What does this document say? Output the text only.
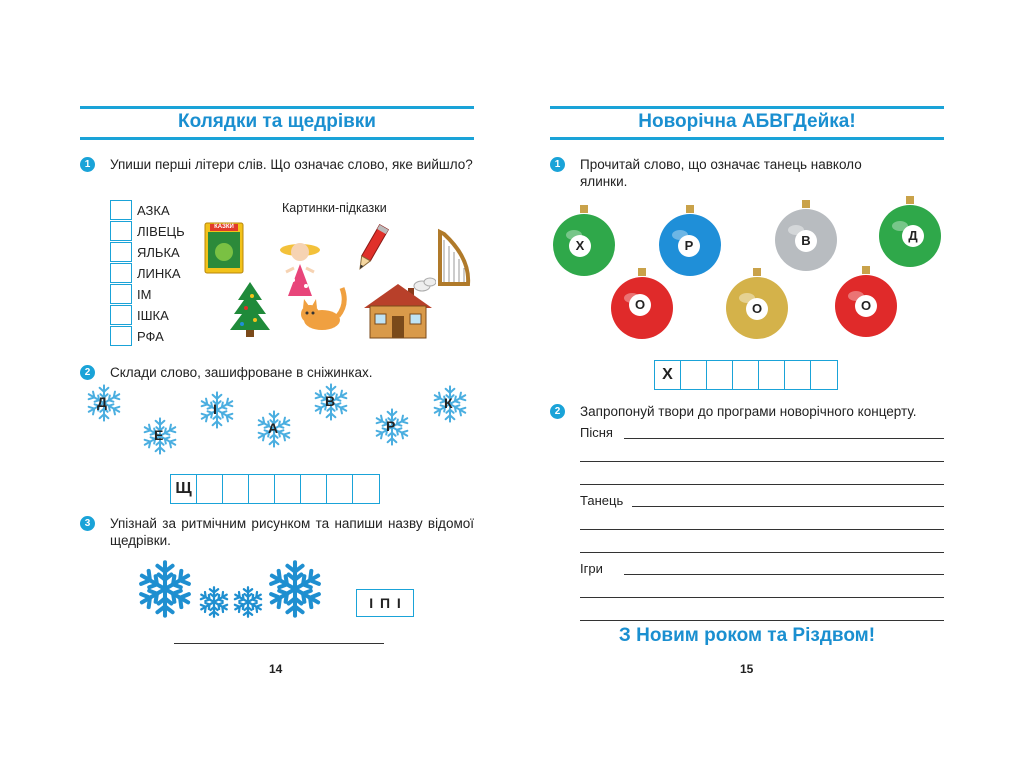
Колядки та щедрівки
1	Упиши перші літери слів. Що означає слово, яке вийшло?
АЗКА
ЛІВЕЦЬ
ЯЛЬКА
ЛИНКА
ІМ
ІШКА
РФА
Картинки-підказки
КАЗКИ
2	Склади слово, зашифроване в сніжинках.
Д
Е
І
А
В
Р
К
Щ
3	Упізнай за ритмічним рисунком та напиши назву відомої щедрівки.
І П І
14
Новорічна АБВГДейка!
1	Прочитай слово, що означає танець навколо ялинки.
Х	Р	В	Д
О	О	О
Х
2	Запропонуй твори до програми новорічного концерту.
Пісня
Танець
Ігри
З Новим роком та Різдвом!
15
